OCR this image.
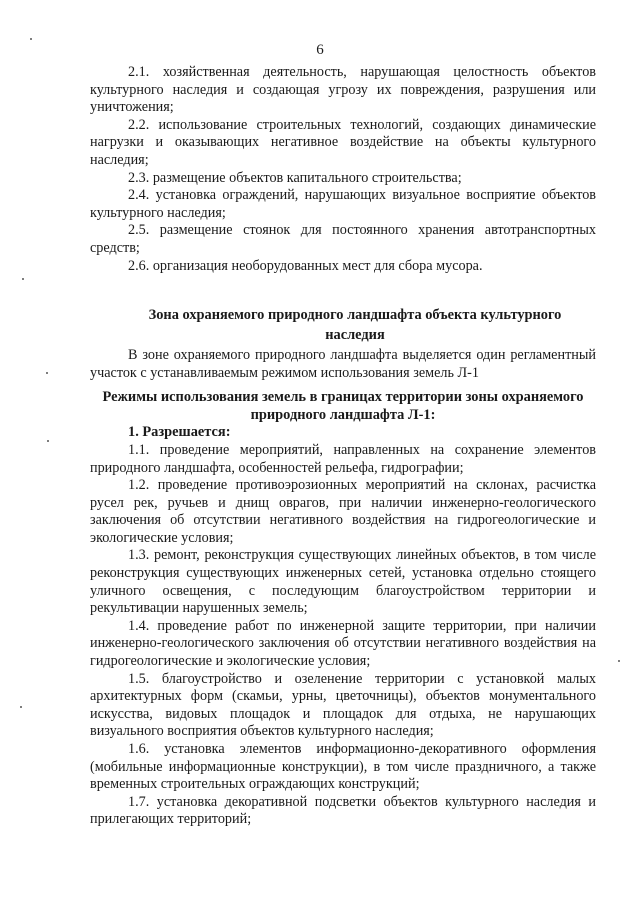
6

2.1. хозяйственная деятельность, нарушающая целостность объектов культурного наследия и создающая угрозу их повреждения, разрушения или уничтожения;

2.2. использование строительных технологий, создающих динамические нагрузки и оказывающих негативное воздействие на объекты культурного наследия;

2.3. размещение объектов капитального строительства;

2.4. установка ограждений, нарушающих визуальное восприятие объектов культурного наследия;

2.5. размещение стоянок для постоянного хранения автотранспортных средств;

2.6. организация необорудованных мест для сбора мусора.

Зона охраняемого природного ландшафта объекта культурного наследия

В зоне охраняемого природного ландшафта выделяется один регламентный участок с устанавливаемым режимом использования земель Л-1

Режимы использования земель в границах территории зоны охраняемого природного ландшафта Л-1:

1. Разрешается:

1.1. проведение мероприятий, направленных на сохранение элементов природного ландшафта, особенностей рельефа, гидрографии;

1.2. проведение противоэрозионных мероприятий на склонах, расчистка русел рек, ручьев и днищ оврагов, при наличии инженерно-геологического заключения об отсутствии негативного воздействия на гидрогеологические и экологические условия;

1.3. ремонт, реконструкция существующих линейных объектов, в том числе реконструкция существующих инженерных сетей, установка отдельно стоящего уличного освещения, с последующим благоустройством территории и рекультивации нарушенных земель;

1.4. проведение работ по инженерной защите территории, при наличии инженерно-геологического заключения об отсутствии негативного воздействия на гидрогеологические и экологические условия;

1.5. благоустройство и озеленение территории с установкой малых архитектурных форм (скамьи, урны, цветочницы), объектов монументального искусства, видовых площадок и площадок для отдыха, не нарушающих визуального восприятия объектов культурного наследия;

1.6. установка элементов информационно-декоративного оформления (мобильные информационные конструкции), в том числе праздничного, а также временных строительных ограждающих конструкций;

1.7. установка декоративной подсветки объектов культурного наследия и прилегающих территорий;
